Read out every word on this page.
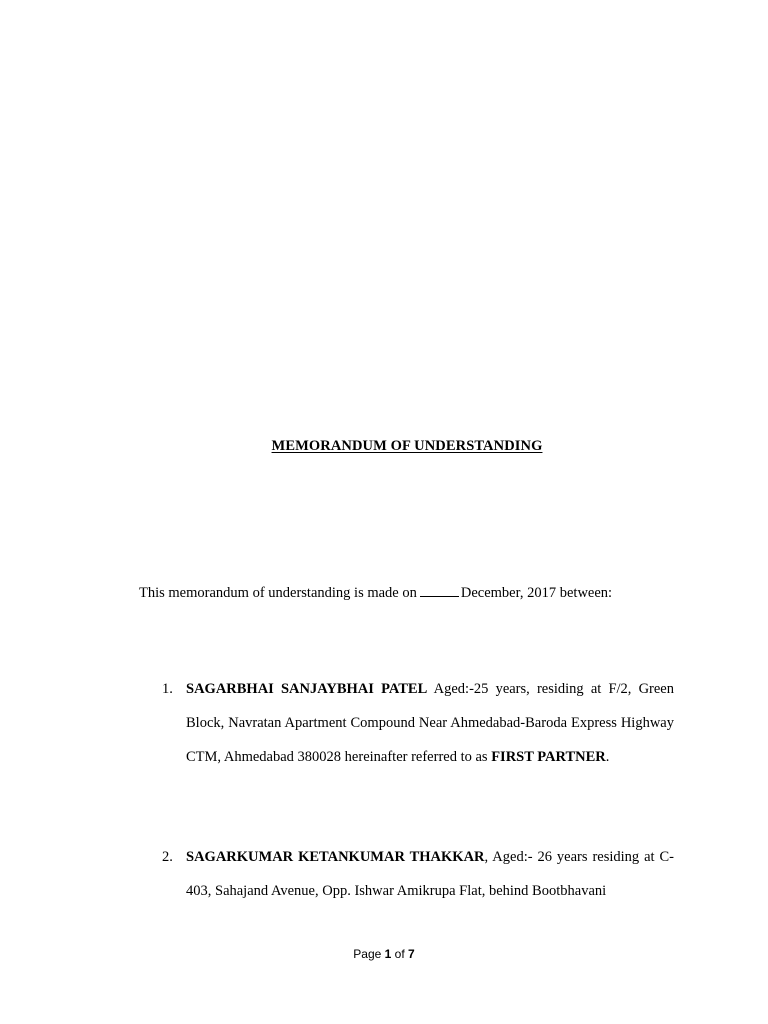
MEMORANDUM OF UNDERSTANDING
This memorandum of understanding is made on	December, 2017 between:
1. SAGARBHAI SANJAYBHAI PATEL Aged:-25 years, residing at F/2, Green Block, Navratan Apartment Compound Near Ahmedabad-Baroda Express Highway CTM, Ahmedabad 380028 hereinafter referred to as FIRST PARTNER.
2. SAGARKUMAR KETANKUMAR THAKKAR, Aged:- 26 years residing at C-403, Sahajand Avenue, Opp. Ishwar Amikrupa Flat, behind Bootbhavani
Page 1 of 7
